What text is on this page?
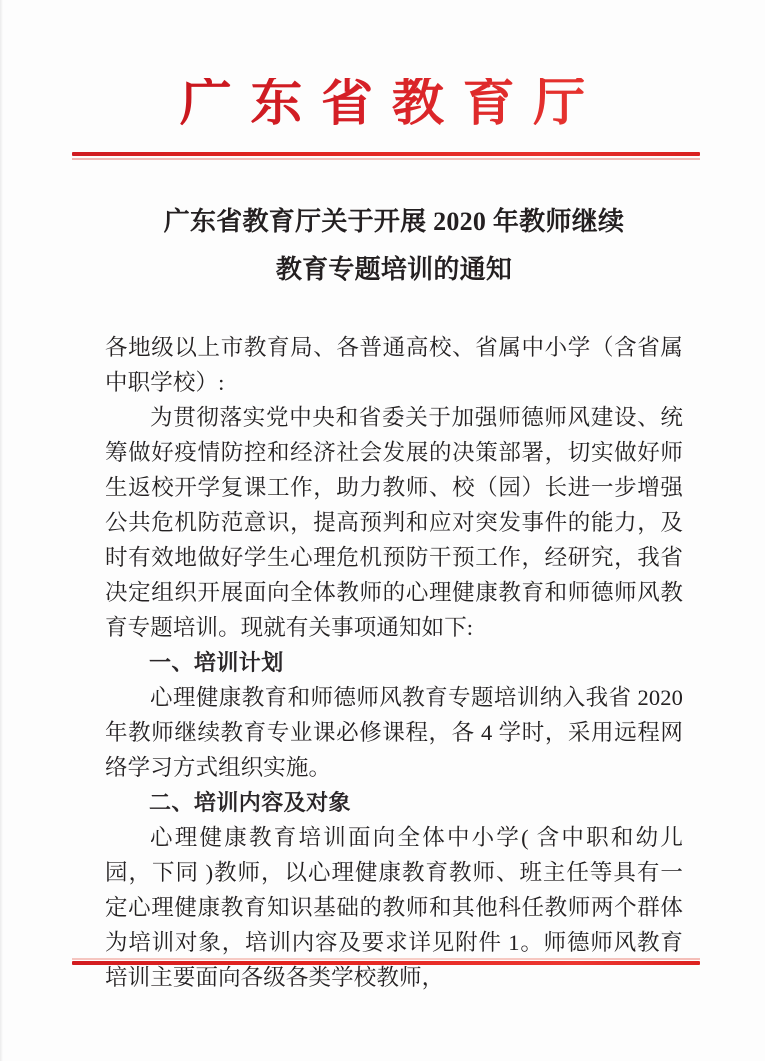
广东省教育厅
广东省教育厅关于开展 2020 年教师继续
教育专题培训的通知

各地级以上市教育局、各普通高校、省属中小学（含省属中职学校）:

为贯彻落实党中央和省委关于加强师德师风建设、统筹做好疫情防控和经济社会发展的决策部署，切实做好师生返校开学复课工作，助力教师、校（园）长进一步增强公共危机防范意识，提高预判和应对突发事件的能力，及时有效地做好学生心理危机预防干预工作，经研究，我省决定组织开展面向全体教师的心理健康教育和师德师风教育专题培训。现就有关事项通知如下:

一、培训计划

心理健康教育和师德师风教育专题培训纳入我省 2020 年教师继续教育专业课必修课程，各 4 学时，采用远程网络学习方式组织实施。

二、培训内容及对象

心理健康教育培训面向全体中小学( 含中职和幼儿园，下同 )教师，以心理健康教育教师、班主任等具有一定心理健康教育知识基础的教师和其他科任教师两个群体为培训对象，培训内容及要求详见附件 1。师德师风教育培训主要面向各级各类学校教师，
